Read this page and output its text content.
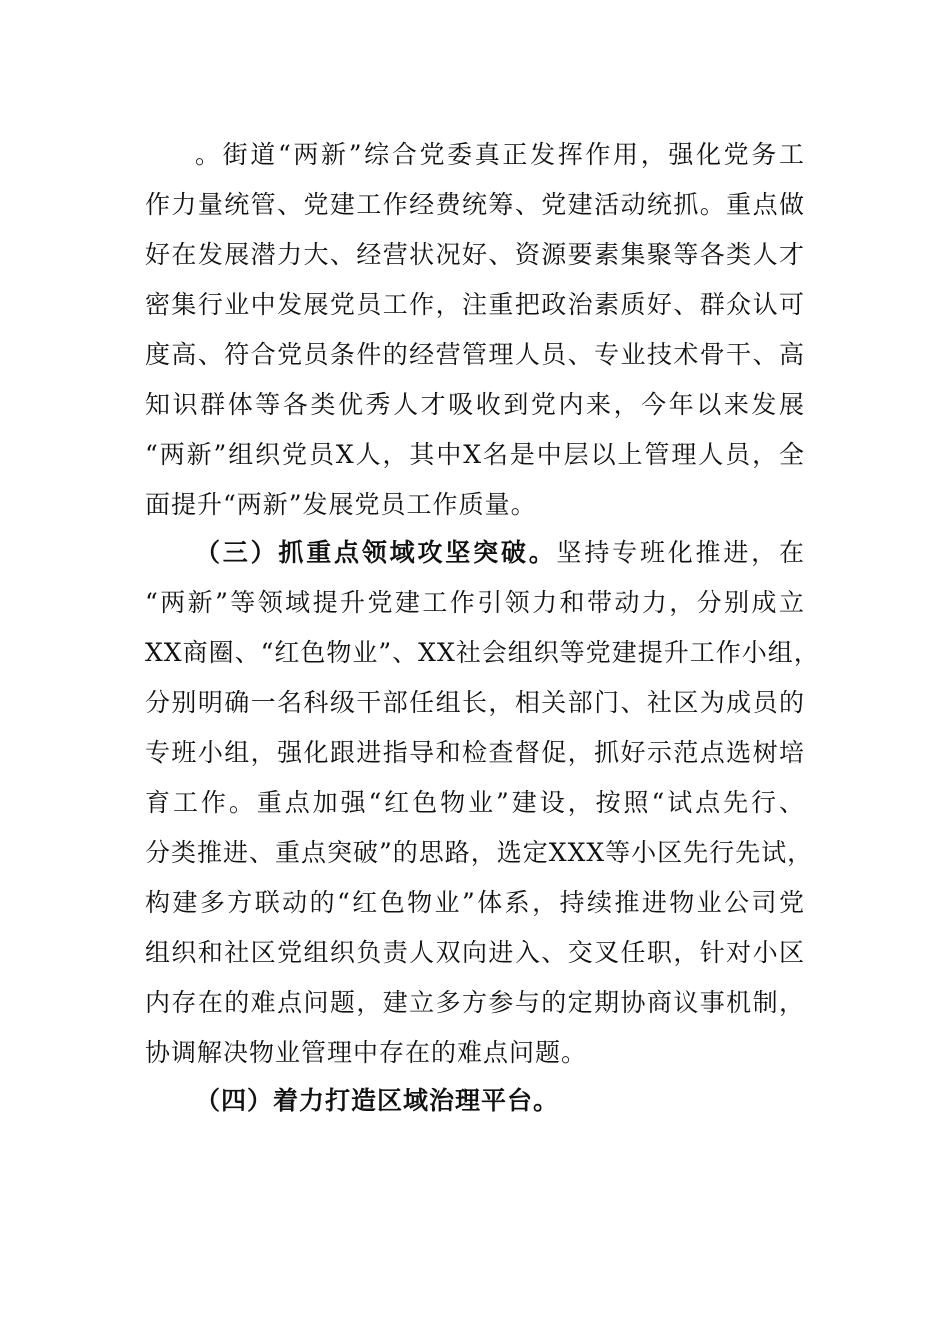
。街道“两新”综合党委真正发挥作用，强化党务工
作力量统管、党建工作经费统筹、党建活动统抓。重点做
好在发展潜力大、经营状况好、资源要素集聚等各类人才
密集行业中发展党员工作，注重把政治素质好、群众认可
度高、符合党员条件的经营管理人员、专业技术骨干、高
知识群体等各类优秀人才吸收到党内来，今年以来发展
“两新”组织党员X人，其中X名是中层以上管理人员，全
面提升“两新”发展党员工作质量。
（三）抓重点领域攻坚突破。坚持专班化推进，在
“两新”等领域提升党建工作引领力和带动力，分别成立
XX商圈、“红色物业”、XX社会组织等党建提升工作小组，
分别明确一名科级干部任组长，相关部门、社区为成员的
专班小组，强化跟进指导和检查督促，抓好示范点选树培
育工作。重点加强“红色物业”建设，按照“试点先行、
分类推进、重点突破”的思路，选定XXX等小区先行先试，
构建多方联动的“红色物业”体系，持续推进物业公司党
组织和社区党组织负责人双向进入、交叉任职，针对小区
内存在的难点问题，建立多方参与的定期协商议事机制，
协调解决物业管理中存在的难点问题。
（四）着力打造区域治理平台。
